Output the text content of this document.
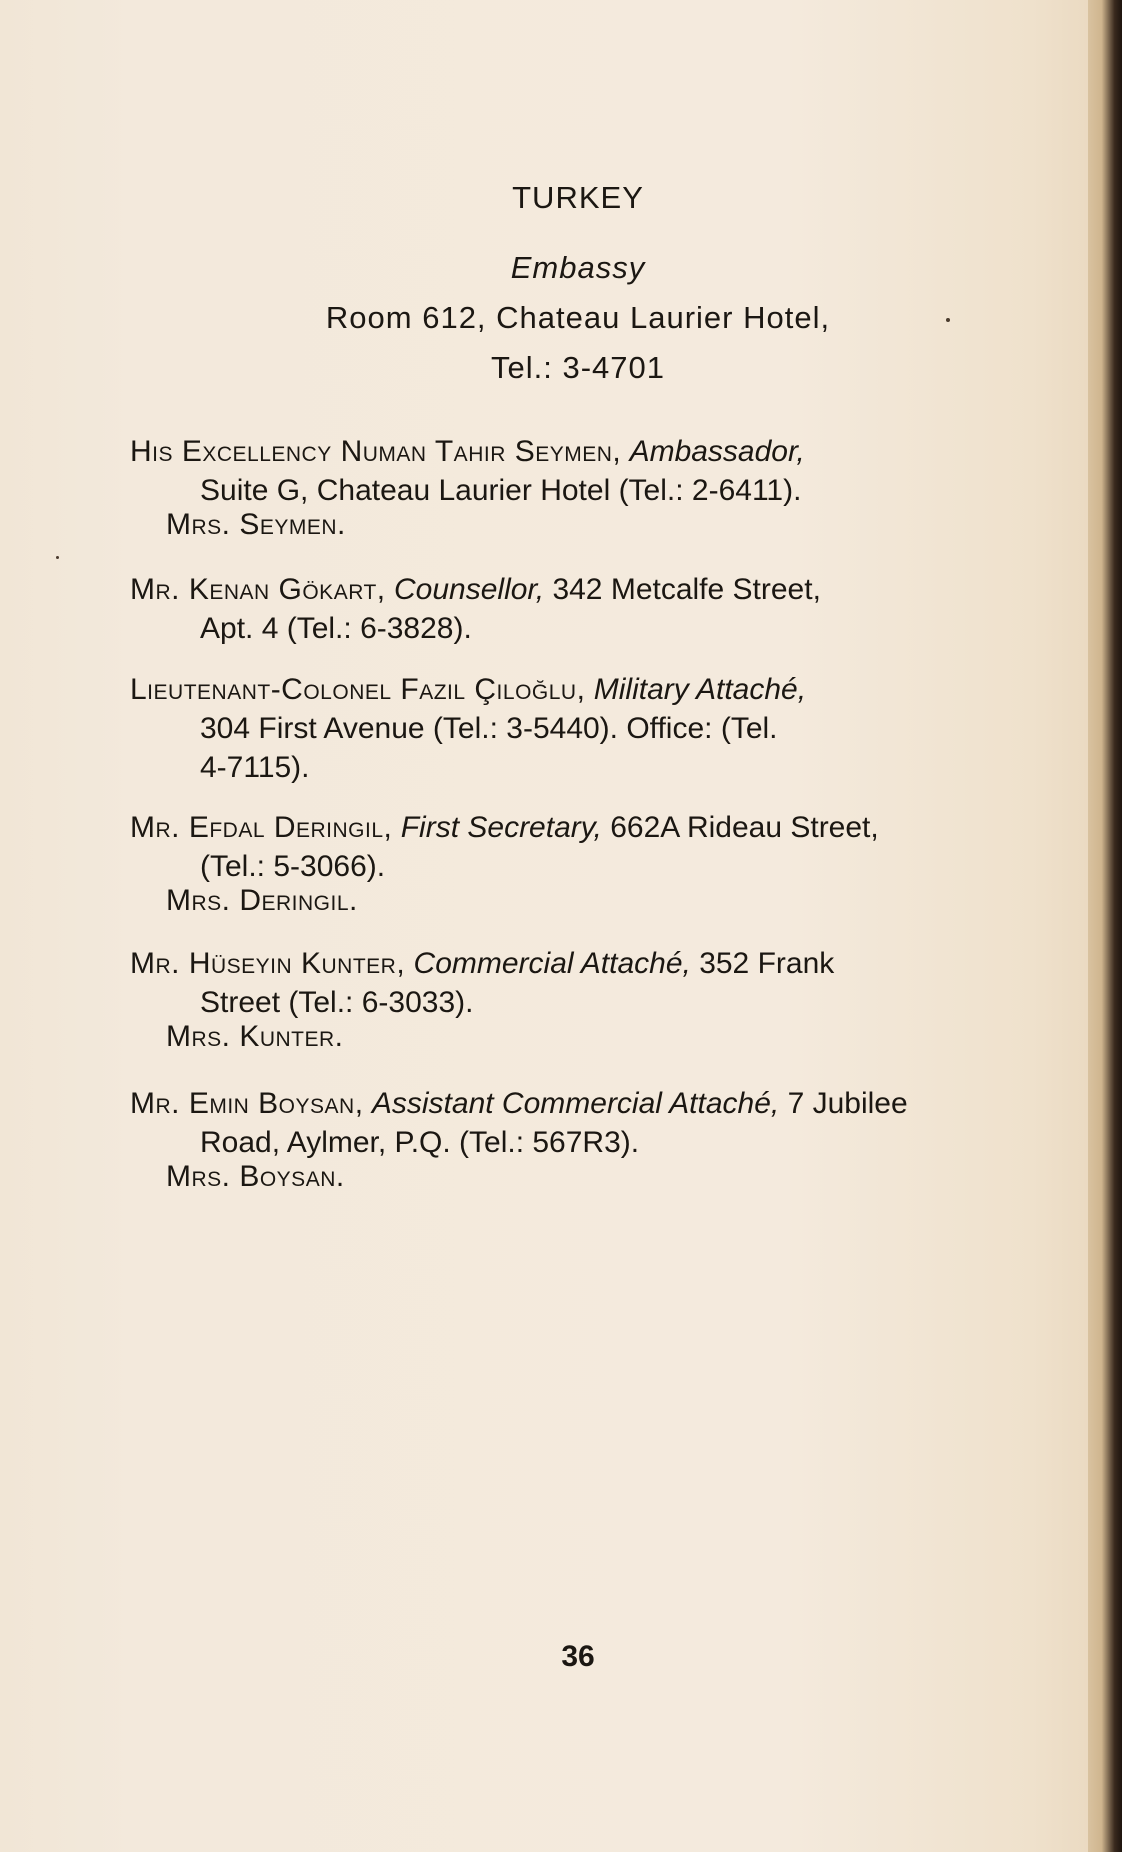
TURKEY
Embassy
Room 612, Chateau Laurier Hotel,
Tel.: 3-4701
His Excellency Numan Tahir Seymen, Ambassador,
Suite G, Chateau Laurier Hotel (Tel.: 2-6411).
Mrs. Seymen.
Mr. Kenan Gökart, Counsellor, 342 Metcalfe Street,
Apt. 4 (Tel.: 6-3828).
Lieutenant-Colonel Fazil Çiloğlu, Military Attaché,
304 First Avenue (Tel.: 3-5440). Office: (Tel.
4-7115).
Mr. Efdal Deringil, First Secretary, 662A Rideau Street,
(Tel.: 5-3066).
Mrs. Deringil.
Mr. Hüseyin Kunter, Commercial Attaché, 352 Frank
Street (Tel.: 6-3033).
Mrs. Kunter.
Mr. Emin Boysan, Assistant Commercial Attaché, 7 Jubilee
Road, Aylmer, P.Q. (Tel.: 567R3).
Mrs. Boysan.
36
